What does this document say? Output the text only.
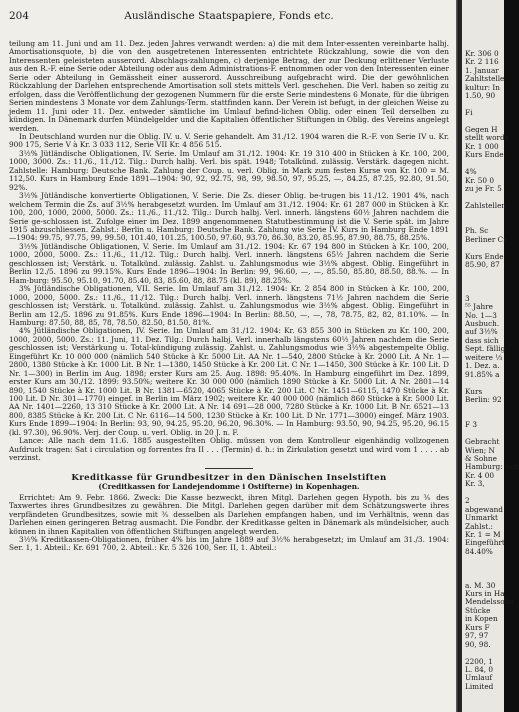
204	Ausländische Staatspapiere, Fonds etc.

teilung am 11. Juni und am 11. Dez. jeden Jahres verwandt werden: a) die mit dem Inter-essenten vereinbarte halbj. Amortisationsquote, b) die von den ausgetretenen Interessenten entrichtete Rückzahlung, sowie die von den Interessenten geleisteten ausserord. Abschlags-zahlungen, c) derjenige Betrag, der zur Deckung erlittener Verluste aus den R.-F. eine Serie oder Abteilung oder aus dem Administrations-F. entnommen oder von den Interessenten einer Serie oder Abteilung in Gemässheit einer ausserord. Ausschreibung aufgebracht wird. Die der gewöhnlichen Rückzahlung der Darlehen entsprechende Amortisation soll stets mittels Verl. geschehen. Die Verl. haben so zeitig zu erfolgen, dass die Veröffentlichung der gezogenen Nummern für die erste Serie mindestens 6 Monate, für die übrigen Serien mindestens 3 Monate vor dem Zahlungs-Term. stattfinden kann. Der Verein ist befugt, in der gleichen Weise zu jedem 11. Juni oder 11. Dez. entweder sämtliche im Umlauf befind-lichen Oblig. oder einen Teil derselben zu kündigen. In Dänemark durfen Mündelgelder und die Kapitalien öffentlicher Stiftungen in Oblig. des Vereins angelegt werden.

In Deutschland wurden nur die Oblig. IV. u. V. Serie gehandelt. Am 31./12. 1904 waren die R.-F. von Serie IV u. Kr. 900 175, Serie V à Kr. 3 033 112, Serie VII Kr. 4 856 515.

3½% Jütländische Obligationen, IV. Serie. Im Umlauf am 31./12. 1904: Kr. 19 310 400 in Stücken à Kr. 100, 200, 1000, 3000. Zs.: 11./6., 11./12. Tilg.: Durch halbj. Verl. bis spät. 1948; Totalkünd. zulässig. Verstärk. dagegen nicht. Zahlstelle: Hamburg: Deutsche Bank. Zahlung der Coup. u. verl. Oblig. in Mark zum festen Kurse von Kr. 100 = M. 112,50. Kurs in Hamburg Ende 1891—1904: 90, 92, 92.75, 98, 99, 98.50, 97, 95.25, —, 84.25, 87.25, 92.80, 91.50, 92%.

3½% Jütländische konvertierte Obligationen, V. Serie. Die Zs. dieser Oblig. be-trugen bis 11./12. 1901 4%, nach welchem Termin die Zs. auf 3½% herabgesetzt wurden. Im Umlauf am 31./12. 1904: Kr. 61 287 000 in Stücken à Kr. 100, 200, 1000, 2000, 5000. Zs.: 11./6., 11./12. Tilg.: Durch halbj. Verl. innerh. längstens 60½ Jahren nachdem die Serie ge-schlossen ist. Zufolge einer im Dez. 1899 angenommenen Statutbestimmung ist die V. Serie spät. im Jahre 1915 abzuschliessen. Zahlst.: Berlin u. Hamburg: Deutsche Bank. Zahlung wie Serie IV. Kurs in Hamburg Ende 1891—1904: 99.75, 97.75, 99, 99.50, 101.40, 101.25, 100.50, 97.60, 93.70, 86.30, 83.20, 85.95, 87.90, 88.75, 88.25%.

3½% Jütländische Obligationen, V. Serie. Im Umlauf am 31./12. 1904: Kr. 67 194 800 in Stücken à Kr. 100, 200, 1000, 2000, 5000. Zs.: 11./6., 11./12. Tilg.: Durch halbj. Verl. innerh. längstens 65½ Jahren nachdem die Serie geschlossen ist; Verstärk. u. Totalkünd. zulässig. Zahlst. u. Zahlungsmodus wie 3½% abgest. Oblig. Eingeführt in Berlin 12./5. 1896 zu 99.15%. Kurs Ende 1896—1904: In Berlin: 99, 96.60, —, —, 85.50, 85.80, 88.50, 88.%. — In Ham-burg: 95.50, 95.10, 91.70, 85.40, 83, 85.60, 88, 88.75 (kl. 89), 88.25%.

3% Jütländische Obligationen, VII. Serie. Im Umlauf am 31./12. 1904: Kr. 2 854 800 in Stücken à Kr. 100, 200, 1000, 2000, 5000. Zs.: 11./6., 11./12. Tilg.: Durch halbj. Verl. innerh. längstens 71½ Jahren nachdem die Serie geschlossen ist; Verstärk. u. Totalkünd. zulässig. Zahlst. u. Zahlungsmodus wie 3½% abgest. Oblig. Eingeführt in Berlin am 12./5. 1896 zu 91.85%. Kurs Ende 1896—1904: In Berlin: 88.50, —, —, 78, 78.75, 82, 82, 81.10%. — In Hamburg: 87.50, 88, 85, 78, 78.50, 82.50, 81.50, 81%.

4% Jütländische Obligationen, IV. Serie. Im Umlauf am 31./12. 1904: Kr. 63 855 300 in Stücken zu Kr. 100, 200, 1000, 2000, 5000. Zs.: 11. Juni, 11. Dez. Tilg.: Durch halbj. Verl. innerhalb längstens 60½ Jahren nachdem die Serie geschlossen ist; Verstärkung u. Total-kündigung zulässig. Zahlst. u. Zahlungsmodus wie 3½% abgestempelte Oblig. Eingeführt Kr. 10 000 000 (nämlich 540 Stücke à Kr. 5000 Lit. AA Nr. 1—540, 2800 Stücke à Kr. 2000 Lit. A Nr. 1—2800, 1380 Stücke à Kr. 1000 Lit. B Nr. 1—1380, 1450 Stücke à Kr. 200 Lit. C Nr. 1—1450, 300 Stücke à Kr. 100 Lit. D Nr. 1—300) in Berlin im Aug. 1898; erster Kurs am 25. Aug. 1898: 95.40%. In Hamburg eingeführt im Dez. 1899, erster Kurs am 30./12. 1899: 93.50%; weitere Kr. 30 000 000 (nämlich 1890 Stücke à Kr. 5000 Lit. A Nr. 2801—14 890, 1540 Stücke à Kr. 1000 Lit. B Nr. 1381—6520, 4065 Stücke à Kr. 200 Lit. C Nr. 1451—6115, 1470 Stücke à Kr. 100 Lit. D Nr. 301—1770) eingef. in Berlin im März 1902; weitere Kr. 40 000 000 (nämlich 860 Stücke à Kr. 5000 Lit. AA Nr. 1401—2260, 13 310 Stücke à Kr. 2000 Lit. A Nr. 14 691—28 000, 7280 Stücke à Kr. 1000 Lit. B Nr. 6521—13 800, 8385 Stücke à Kr. 200 Lit. C Nr. 6116—14 500, 1230 Stücke à Kr. 100 Lit. D Nr. 1771—3000) eingef. März 1903. Kurs Ende 1899—1904: In Berlin: 93, 90, 94.25, 95.20, 96.20, 96.30%. — In Hamburg: 93.50, 90, 94.25, 95.20, 96.15 (kl. 97.30), 96.90%. Verj. der Coup. u. verl. Oblig. in 20 J. n. F.

Lance: Alle nach dem 11.6. 1885 ausgestellten Oblig. müssen von dem Kontrolleur eigenhändig vollzogenen Aufdruck tragen: Sat i circulation og forrentes fra II . . . (Termin) d. h.: in Zirkulation gesetzt und wird vom 1 . . . . ab verzinst.

Kreditkasse für Grundbesitzer in den Dänischen Inselstiften
(Creditkassen for Landejendomme i Ostifterne) in Kopenhagen.

Errichtet: Am 9. Febr. 1866. Zweck: Die Kasse bezweckt, ihren Mitgl. Darlehen gegen Hypoth. bis zu ⅗ des Taxwertes ihres Grundbesitzes zu gewähren. Die Mitgl. Darlehen gegen darüber mit dem Schätzungswerte ihres verpfändeten Grundbesitzes, sowie mit ⅗ desselben als Darlehen empfangen haben, und im Verhältnis, wenn das Darlehen einen geringeren Betrag ausmacht. Die Fondbr. der Kreditkasse gelten in Dänemark als mündelsicher, auch können in ihnen Kapitalien von öffentlichen Stiftungen angelegt werden.

3½% Kreditkassen-Obligationen, früher 4% bis im Jahre 1889 auf 3½% herabgesetzt; im Umlauf am 31./3. 1904: Ser. 1, 1. Abteil.: Kr. 691 700, 2. Abteil.: Kr. 5 326 100, Ser. II, 1. Abteil.:

Kr. 306 0
Kr. 2 116
1. Januar
Zahltstelle
kultur: In
1.50, 90
Fi
Gegen H
stellt worde
Kr. 1 000
Kurs Ende
4%
Kr. 50 0
zu je Fr. 5
Zahlstellen
Ph. Sc
Berliner Cr
Kurs Ende
85.90, 87
3
⁵⁵ Jahre
No. 1—3
Ausbuch.
auf 3½%
dass sich
Sept. fällig
weitere ⅓
1. Dez. a.
91.85% a
Kurs
Berlin: 92
F 3
Gebracht
Wien; N
& Sohne
Hamburg: Sch
Kr. 4 00
Kr. 3,
2
abgewand
Unmarkt
Zahlst.:
Kr. 1 = M
Eingeführt
84.40%
a. M. 30
Kurs in Ha
Mendelssohn
Stücke
in Kopen
Kurs F
97, 97
90, 98.
2200, 1
L. 84, 0
Umlauf
Limited
